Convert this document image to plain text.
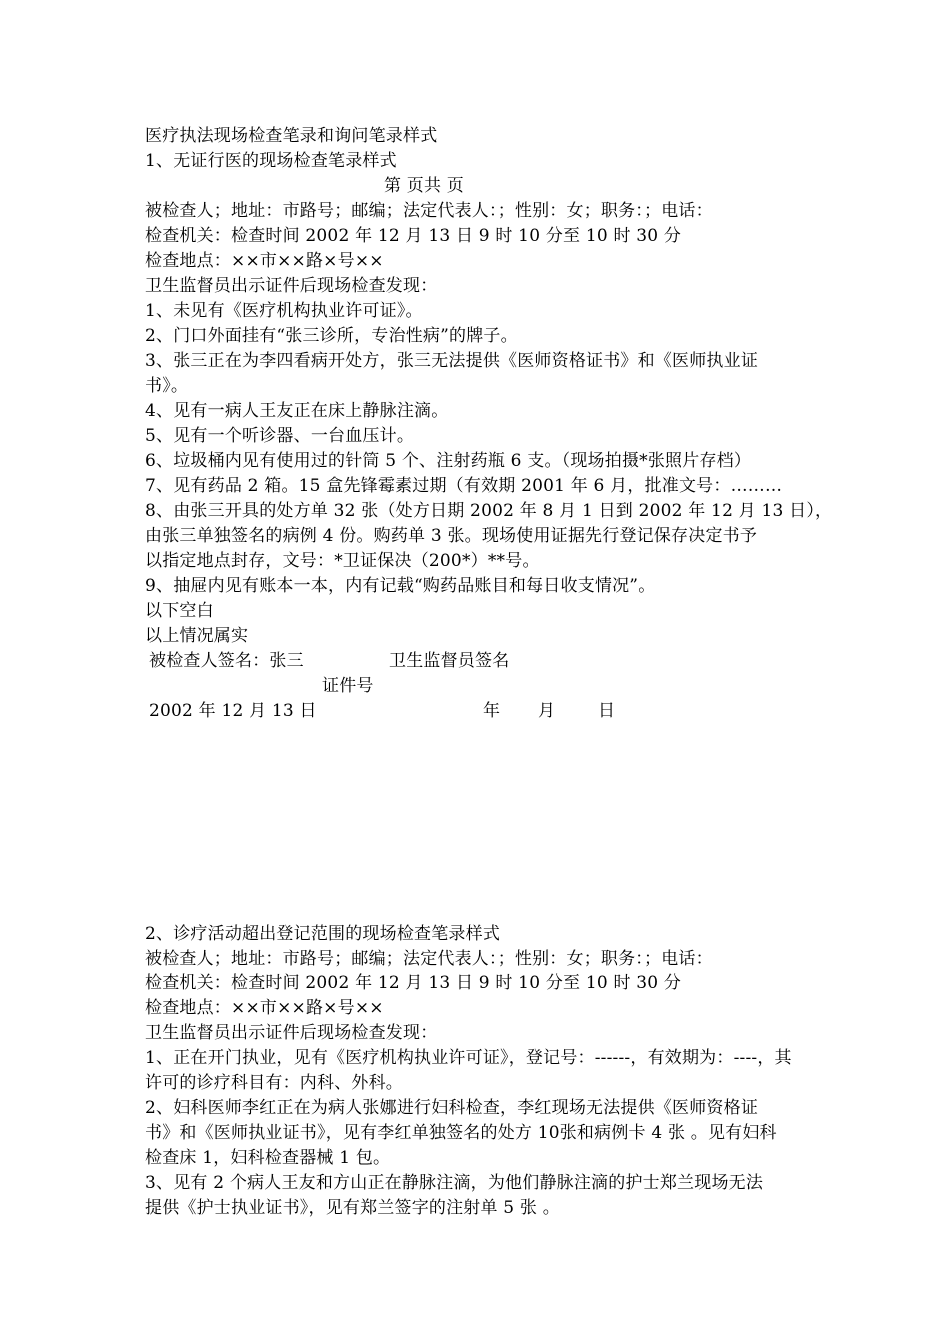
医疗执法现场检查笔录和询问笔录样式
1、无证行医的现场检查笔录样式
第 页共 页
被检查人；地址：市路号；邮编；法定代表人：；性别：女；职务：；电话：
检查机关：检查时间 2002 年 12 月 13 日 9 时 10 分至 10 时 30 分
检查地点：××市××路×号××
卫生监督员出示证件后现场检查发现：
1、未见有《医疗机构执业许可证》。
2、门口外面挂有“张三诊所，专治性病”的牌子。
3、张三正在为李四看病开处方，张三无法提供《医师资格证书》和《医师执业证
书》。
4、见有一病人王友正在床上静脉注滴。
5、见有一个听诊器、一台血压计。
6、垃圾桶内见有使用过的针筒 5 个、注射药瓶 6 支。（现场拍摄*张照片存档）
7、见有药品 2 箱。15 盒先锋霉素过期（有效期 2001 年 6 月，批准文号：………
8、由张三开具的处方单 32 张（处方日期 2002 年 8 月 1 日到 2002 年 12 月 13 日），
由张三单独签名的病例 4 份。购药单 3 张。现场使用证据先行登记保存决定书予
以指定地点封存，文号：*卫证保决（200*）**号。
9、抽屉内见有账本一本，内有记载“购药品账目和每日收支情况”。
以下空白
以上情况属实
被检查人签名：张三	卫生监督员签名
证件号
2002 年 12 月 13 日	年 月	日
2、诊疗活动超出登记范围的现场检查笔录样式
被检查人；地址：市路号；邮编；法定代表人：；性别：女；职务：；电话：
检查机关：检查时间 2002 年 12 月 13 日 9 时 10 分至 10 时 30 分
检查地点：××市××路×号××
卫生监督员出示证件后现场检查发现：
1、正在开门执业，见有《医疗机构执业许可证》，登记号：------，有效期为：----，其
许可的诊疗科目有：内科、外科。
2、妇科医师李红正在为病人张娜进行妇科检查，李红现场无法提供《医师资格证
书》和《医师执业证书》，见有李红单独签名的处方 10张和病例卡 4 张 。见有妇科
检查床 1，妇科检查器械 1 包。
3、见有 2 个病人王友和方山正在静脉注滴，为他们静脉注滴的护士郑兰现场无法
提供《护士执业证书》，见有郑兰签字的注射单 5 张 。
